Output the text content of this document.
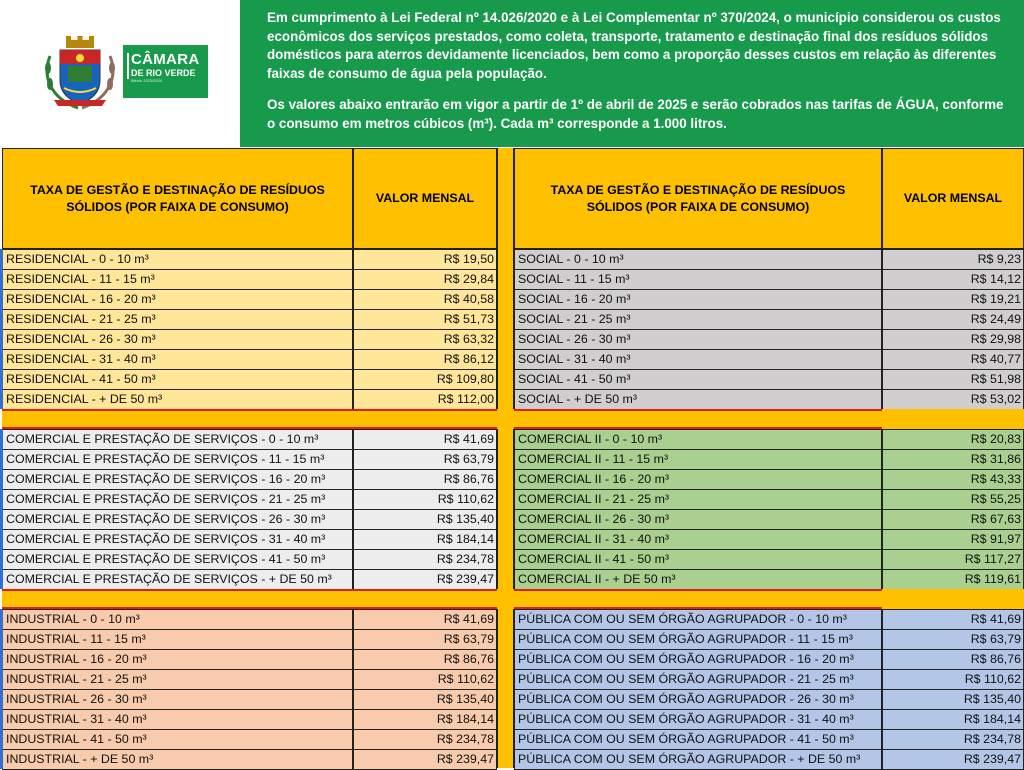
CÂMARA
DE RIO VERDE
Biênio 2023/2024

Em cumprimento à Lei Federal nº 14.026/2020 e à Lei Complementar nº 370/2024, o município considerou os custos econômicos dos serviços prestados, como coleta, transporte, tratamento e destinação final dos resíduos sólidos domésticos para aterros devidamente licenciados, bem como a proporção desses custos em relação às diferentes faixas de consumo de água pela população.

Os valores abaixo entrarão em vigor a partir de 1º de abril de 2025 e serão cobrados nas tarifas de ÁGUA, conforme o consumo em metros cúbicos (m³). Cada m³ corresponde a 1.000 litros.

TAXA DE GESTÃO E DESTINAÇÃO DE RESÍDUOS SÓLIDOS (POR FAIXA DE CONSUMO)
VALOR MENSAL
TAXA DE GESTÃO E DESTINAÇÃO DE RESÍDUOS SÓLIDOS (POR FAIXA DE CONSUMO)
VALOR MENSAL
RESIDENCIAL - 0 - 10 m³	R$ 19,50
RESIDENCIAL - 11 - 15 m³	R$ 29,84
RESIDENCIAL - 16 - 20 m³	R$ 40,58
RESIDENCIAL - 21 - 25 m³	R$ 51,73
RESIDENCIAL - 26 - 30 m³	R$ 63,32
RESIDENCIAL - 31 - 40 m³	R$ 86,12
RESIDENCIAL - 41 - 50 m³	R$ 109,80
RESIDENCIAL - + DE 50 m³	R$ 112,00
SOCIAL - 0 - 10 m³	R$ 9,23
SOCIAL - 11 - 15 m³	R$ 14,12
SOCIAL - 16 - 20 m³	R$ 19,21
SOCIAL - 21 - 25 m³	R$ 24,49
SOCIAL - 26 - 30 m³	R$ 29,98
SOCIAL - 31 - 40 m³	R$ 40,77
SOCIAL - 41 - 50 m³	R$ 51,98
SOCIAL - + DE 50 m³	R$ 53,02
COMERCIAL E PRESTAÇÃO DE SERVIÇOS - 0 - 10 m³	R$ 41,69
COMERCIAL E PRESTAÇÃO DE SERVIÇOS - 11 - 15 m³	R$ 63,79
COMERCIAL E PRESTAÇÃO DE SERVIÇOS - 16 - 20 m³	R$ 86,76
COMERCIAL E PRESTAÇÃO DE SERVIÇOS - 21 - 25 m³	R$ 110,62
COMERCIAL E PRESTAÇÃO DE SERVIÇOS - 26 - 30 m³	R$ 135,40
COMERCIAL E PRESTAÇÃO DE SERVIÇOS - 31 - 40 m³	R$ 184,14
COMERCIAL E PRESTAÇÃO DE SERVIÇOS - 41 - 50 m³	R$ 234,78
COMERCIAL E PRESTAÇÃO DE SERVIÇOS - + DE 50 m³	R$ 239,47
COMERCIAL II - 0 - 10 m³	R$ 20,83
COMERCIAL II - 11 - 15 m³	R$ 31,86
COMERCIAL II - 16 - 20 m³	R$ 43,33
COMERCIAL II - 21 - 25 m³	R$ 55,25
COMERCIAL II - 26 - 30 m³	R$ 67,63
COMERCIAL II - 31 - 40 m³	R$ 91,97
COMERCIAL II - 41 - 50 m³	R$ 117,27
COMERCIAL II - + DE 50 m³	R$ 119,61
INDUSTRIAL - 0 - 10 m³	R$ 41,69
INDUSTRIAL - 11 - 15 m³	R$ 63,79
INDUSTRIAL - 16 - 20 m³	R$ 86,76
INDUSTRIAL - 21 - 25 m³	R$ 110,62
INDUSTRIAL - 26 - 30 m³	R$ 135,40
INDUSTRIAL - 31 - 40 m³	R$ 184,14
INDUSTRIAL - 41 - 50 m³	R$ 234,78
INDUSTRIAL - + DE 50 m³	R$ 239,47
PÚBLICA COM OU SEM ÓRGÃO AGRUPADOR - 0 - 10 m³	R$ 41,69
PÚBLICA COM OU SEM ÓRGÃO AGRUPADOR - 11 - 15 m³	R$ 63,79
PÚBLICA COM OU SEM ÓRGÃO AGRUPADOR - 16 - 20 m³	R$ 86,76
PÚBLICA COM OU SEM ÓRGÃO AGRUPADOR - 21 - 25 m³	R$ 110,62
PÚBLICA COM OU SEM ÓRGÃO AGRUPADOR - 26 - 30 m³	R$ 135,40
PÚBLICA COM OU SEM ÓRGÃO AGRUPADOR - 31 - 40 m³	R$ 184,14
PÚBLICA COM OU SEM ÓRGÃO AGRUPADOR - 41 - 50 m³	R$ 234,78
PÚBLICA COM OU SEM ÓRGÃO AGRUPADOR - + DE 50 m³	R$ 239,47
